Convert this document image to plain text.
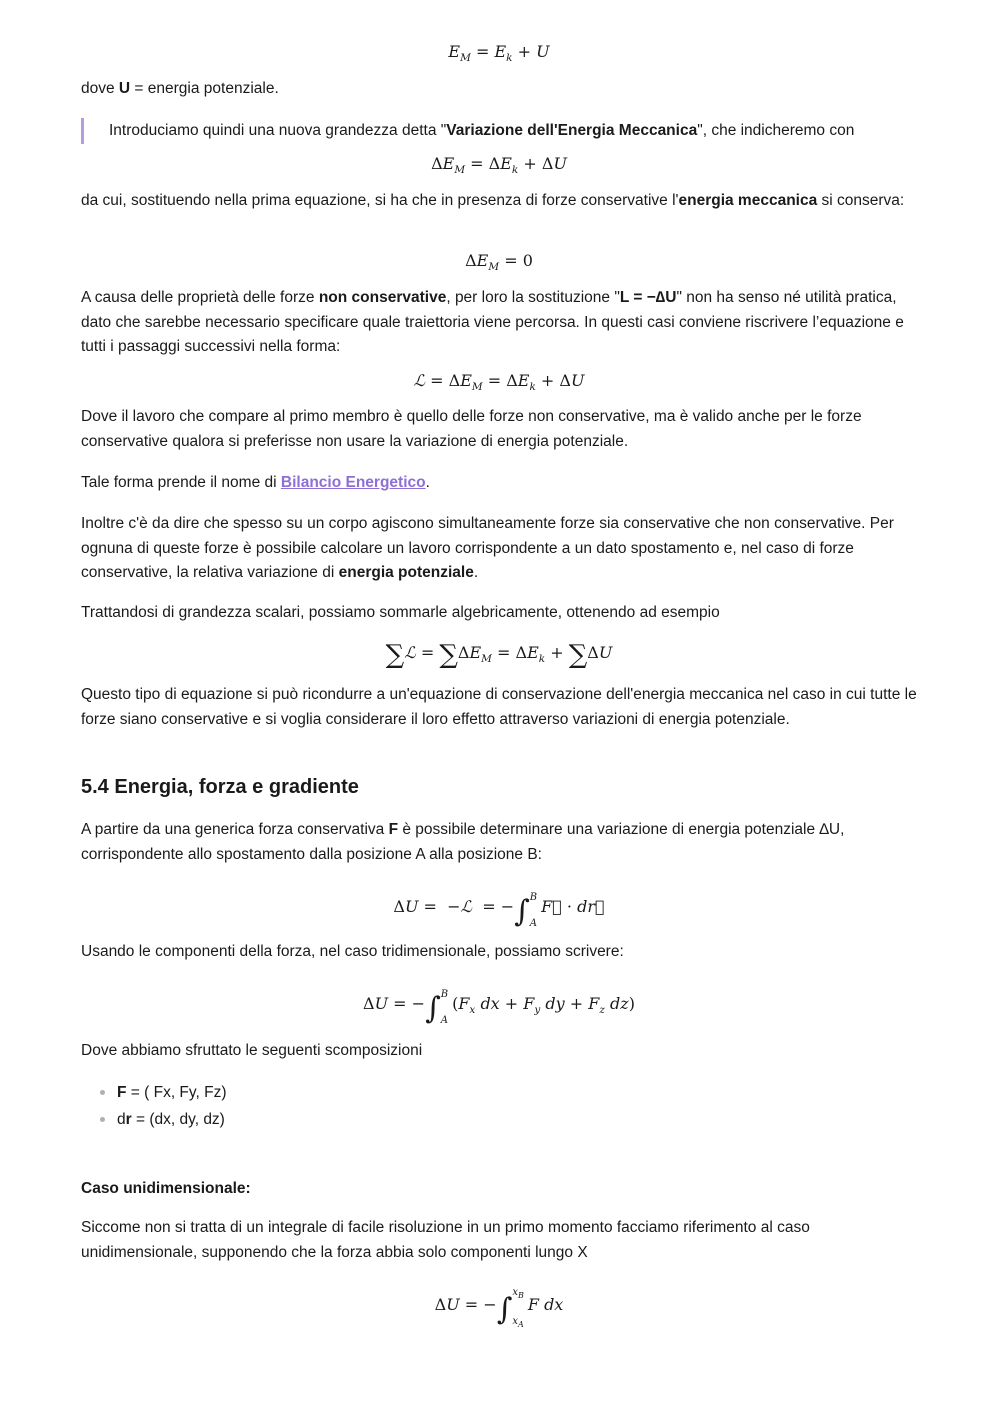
$E_M = E_k + U$

dove U = energia potenziale.

Introduciamo quindi una nuova grandezza detta "Variazione dell'Energia Meccanica", che indicheremo con

$\Delta E_M = \Delta E_k + \Delta U$

da cui, sostituendo nella prima equazione, si ha che in presenza di forze conservative l'energia meccanica si conserva:

$\Delta E_M = 0$

A causa delle proprietà delle forze non conservative, per loro la sostituzione "L = −∆U" non ha senso né utilità pratica, dato che sarebbe necessario specificare quale traiettoria viene percorsa. In questi casi conviene riscrivere l’equazione e tutti i passaggi successivi nella forma:

ℒ = $\Delta E_M = \Delta E_k + \Delta U$

Dove il lavoro che compare al primo membro è quello delle forze non conservative, ma è valido anche per le forze conservative qualora si preferisse non usare la variazione di energia potenziale.

Tale forma prende il nome di Bilancio Energetico.

Inoltre c'è da dire che spesso su un corpo agiscono simultaneamente forze sia conservative che non conservative. Per ognuna di queste forze è possibile calcolare un lavoro corrispondente a un dato spostamento e, nel caso di forze conservative, la relativa variazione di energia potenziale.

Trattandosi di grandezza scalari, possiamo sommarle algebricamente, ottenendo ad esempio

∑ℒ = $\sum\Delta E_M = \Delta E_k + \sum\Delta U$

Questo tipo di equazione si può ricondurre a un'equazione di conservazione dell'energia meccanica nel caso in cui tutte le forze siano conservative e si voglia considerare il loro effetto attraverso variazioni di energia potenziale.

5.4 Energia, forza e gradiente

A partire da una generica forza conservativa F è possibile determinare una variazione di energia potenziale ∆U, corrispondente allo spostamento dalla posizione A alla posizione B:

ΔU =  −ℒ  = −∫ B
A
F⃗ · dr⃗

Usando le componenti della forza, nel caso tridimensionale, possiamo scrivere:

ΔU = −∫ B
A
($F_x$ dx + $F_y$ dy + $F_z$ dz)

Dove abbiamo sfruttato le seguenti scomposizioni

F = ( Fx, Fy, Fz)
dr = (dx, dy, dz)

Caso unidimensionale:

Siccome non si tratta di un integrale di facile risoluzione in un primo momento facciamo riferimento al caso unidimensionale, supponendo che la forza abbia solo componenti lungo X

ΔU = −∫ $x_B$
$x_A$
F dx
